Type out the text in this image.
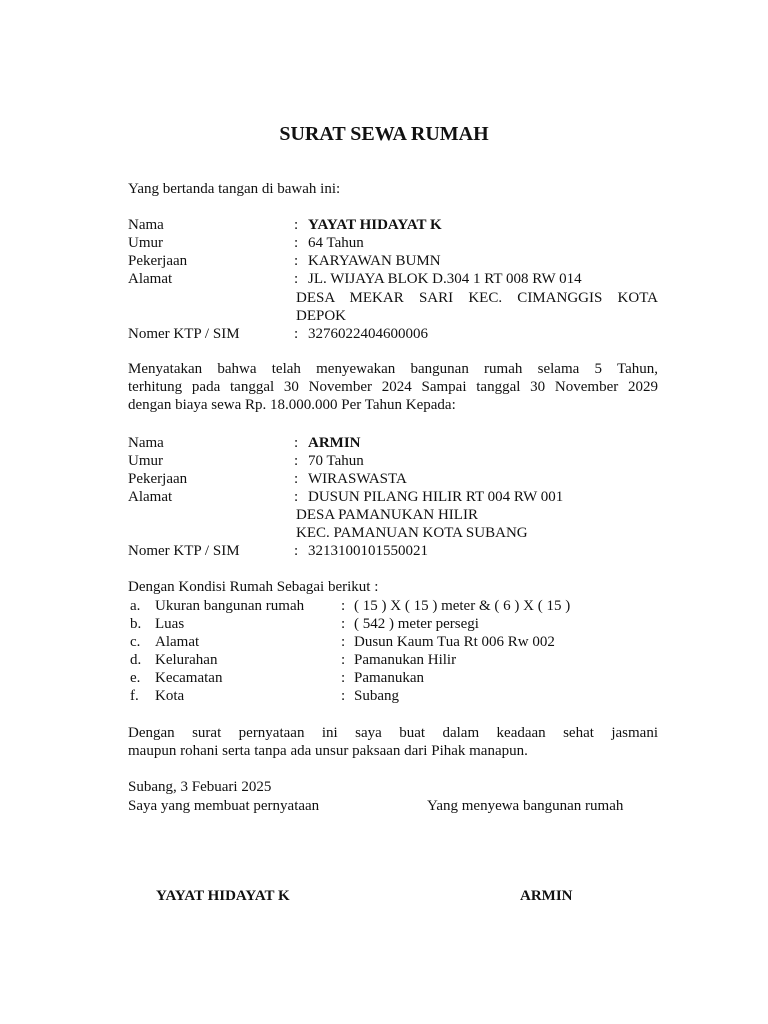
SURAT SEWA RUMAH
Yang bertanda tangan di bawah ini:
Nama	: YAYAT HIDAYAT K
Umur	: 64 Tahun
Pekerjaan	: KARYAWAN BUMN
Alamat	: JL. WIJAYA BLOK D.304 1 RT 008 RW 014
DESA MEKAR SARI KEC. CIMANGGIS KOTA
DEPOK
Nomer KTP / SIM	: 3276022404600006
Menyatakan bahwa telah menyewakan bangunan rumah selama 5 Tahun,
terhitung pada tanggal 30 November 2024 Sampai tanggal 30 November 2029
dengan biaya sewa Rp. 18.000.000 Per Tahun Kepada:
Nama	: ARMIN
Umur	: 70 Tahun
Pekerjaan	: WIRASWASTA
Alamat	: DUSUN PILANG HILIR RT 004 RW 001
DESA PAMANUKAN HILIR
KEC. PAMANUAN KOTA SUBANG
Nomer KTP / SIM	: 3213100101550021
Dengan Kondisi Rumah Sebagai berikut :
a. Ukuran bangunan rumah : ( 15 ) X ( 15 ) meter & ( 6 ) X ( 15 )
b. Luas	: ( 542 ) meter persegi
c. Alamat	: Dusun Kaum Tua Rt 006 Rw 002
d. Kelurahan	: Pamanukan Hilir
e. Kecamatan	: Pamanukan
f. Kota	: Subang
Dengan surat pernyataan ini saya buat dalam keadaan sehat jasmani
maupun rohani serta tanpa ada unsur paksaan dari Pihak manapun.
Subang, 3 Febuari 2025
Saya yang membuat pernyataan	Yang menyewa bangunan rumah
YAYAT HIDAYAT K	ARMIN
